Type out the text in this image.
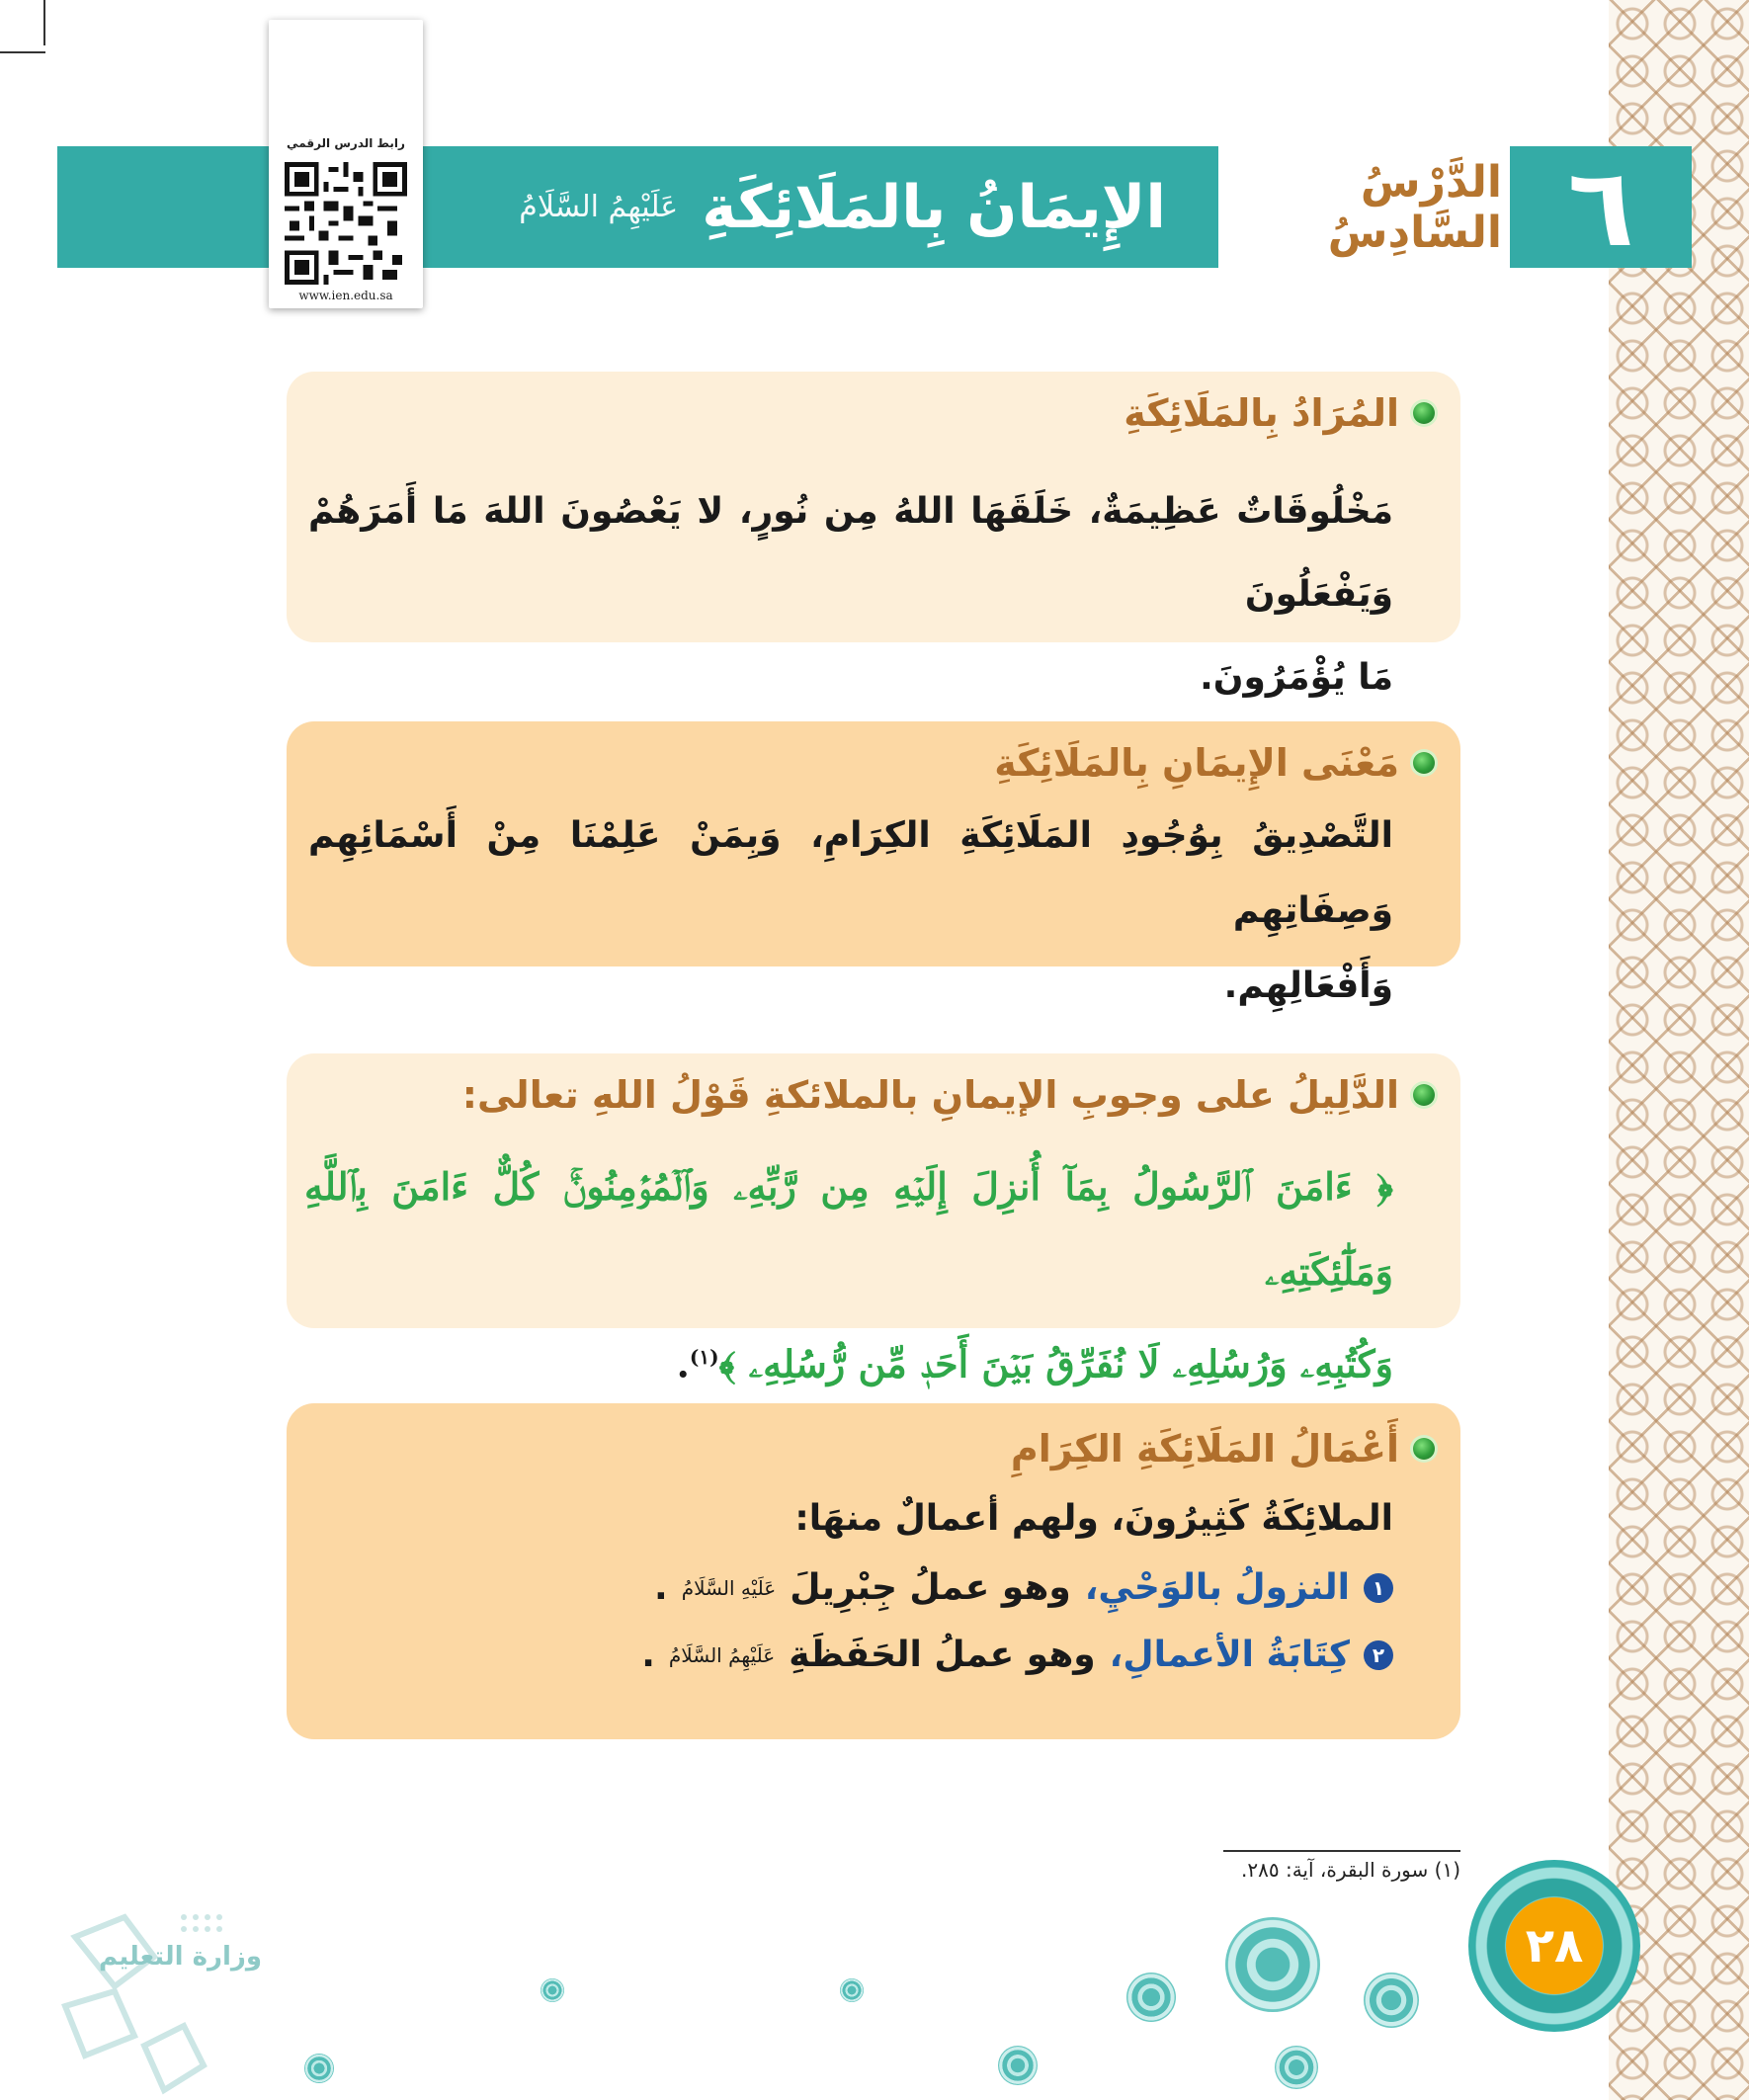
٦
الدَّرْسُ السَّادِسُ
الإِيمَانُ بِالمَلَائِكَةِ
عَلَيْهِمُ السَّلَامُ
رابط الدرس الرقمي
www.ien.edu.sa
المُرَادُ بِالمَلَائِكَةِ
مَخْلُوقَاتٌ عَظِيمَةٌ، خَلَقَهَا اللهُ مِن نُورٍ، لا يَعْصُونَ اللهَ مَا أَمَرَهُمْ وَيَفْعَلُونَ
مَا يُؤْمَرُونَ.
مَعْنَى الإِيمَانِ بِالمَلَائِكَةِ
التَّصْدِيقُ بِوُجُودِ المَلَائِكَةِ الكِرَامِ، وَبِمَنْ عَلِمْنَا مِنْ أَسْمَائِهِم وَصِفَاتِهِم
وَأَفْعَالِهِم.
الدَّلِيلُ على وجوبِ الإيمانِ بالملائكةِ قَوْلُ اللهِ تعالى:
﴿ ءَامَنَ ٱلرَّسُولُ بِمَآ أُنزِلَ إِلَيۡهِ مِن رَّبِّهِۦ وَٱلۡمُؤۡمِنُونَۚ كُلٌّ ءَامَنَ بِٱللَّهِ وَمَلَٰٓئِكَتِهِۦ
وَكُتُبِهِۦ وَرُسُلِهِۦ لَا نُفَرِّقُ بَيۡنَ أَحَدٖ مِّن رُّسُلِهِۦ ﴾$^{(١)}$.
أَعْمَالُ المَلَائِكَةِ الكِرَامِ
الملائِكَةُ كَثِيرُونَ، ولهم أعمالٌ منهَا:
١
النزولُ بالوَحْيِ،
وهو عملُ جِبْرِيلَ
عَلَيْهِ السَّلَامُ
.
٢
كِتَابَةُ الأعمالِ،
وهو عملُ الحَفَظَةِ
عَلَيْهِمُ السَّلَامُ
.
(١) سورة البقرة، آية: ٢٨٥.
٢٨
وزارة التعليم
